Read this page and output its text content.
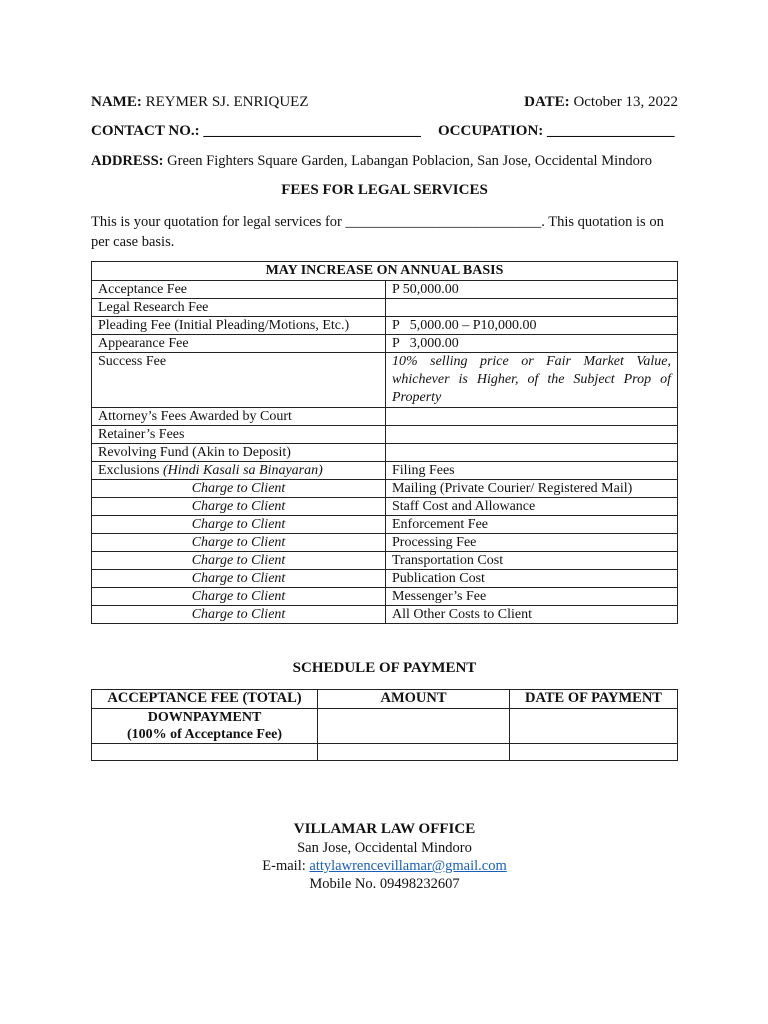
NAME: REYMER SJ. ENRIQUEZ	DATE: October 13, 2022
CONTACT NO.: _____________________________ OCCUPATION: _________________
ADDRESS: Green Fighters Square Garden, Labangan Poblacion, San Jose, Occidental Mindoro
FEES FOR LEGAL SERVICES
This is your quotation for legal services for ___________________________. This quotation is on
per case basis.
MAY INCREASE ON ANNUAL BASIS	
Acceptance Fee	P 50,000.00
Legal Research Fee	
Pleading Fee (Initial Pleading/Motions, Etc.)	P   5,000.00 – P10,000.00
Appearance Fee	P   3,000.00
Success Fee	10% selling price or Fair Market Value, whichever is Higher, of the Subject Prop of Property
Attorney’s Fees Awarded by Court	
Retainer’s Fees	
Revolving Fund (Akin to Deposit)	
Exclusions (Hindi Kasali sa Binayaran)	Filing Fees
Charge to Client	Mailing (Private Courier/ Registered Mail)
Charge to Client	Staff Cost and Allowance
Charge to Client	Enforcement Fee
Charge to Client	Processing Fee
Charge to Client	Transportation Cost
Charge to Client	Publication Cost
Charge to Client	Messenger’s Fee
Charge to Client	All Other Costs to Client
SCHEDULE OF PAYMENT
ACCEPTANCE FEE (TOTAL)	AMOUNT	DATE OF PAYMENT

DOWNPAYMENT
(100% of Acceptance Fee)		

VILLAMAR LAW OFFICE
San Jose, Occidental Mindoro
E-mail: attylawrencevillamar@gmail.com
Mobile No. 09498232607
